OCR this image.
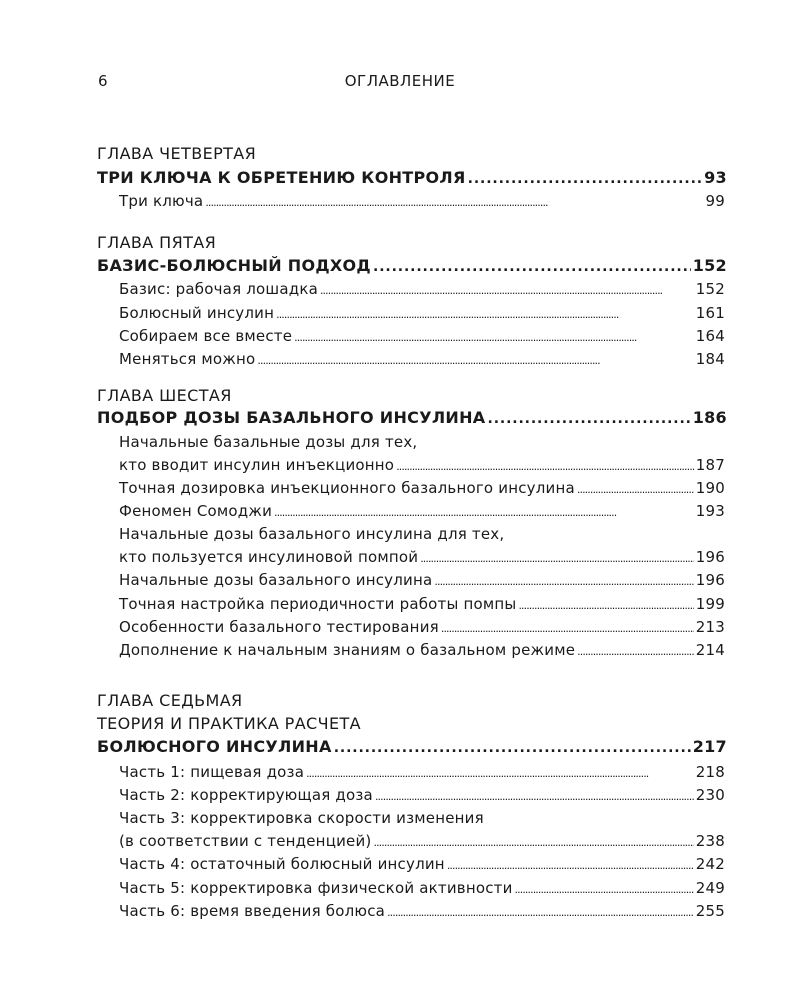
6	ОГЛАВЛЕНИЕ
ГЛАВА ЧЕТВЕРТАЯ
ТРИ КЛЮЧА К ОБРЕТЕНИЮ КОНТРОЛЯ . . .	93
Три ключа . . .	99
ГЛАВА ПЯТАЯ
БАЗИС-БОЛЮСНЫЙ ПОДХОД . . .	152
Базис: рабочая лошадка . . .	152
Болюсный инсулин . . .	161
Собираем все вместе . . .	164
Меняться можно . . .	184
ГЛАВА ШЕСТАЯ
ПОДБОР ДОЗЫ БАЗАЛЬНОГО ИНСУЛИНА . . .	186
Начальные базальные дозы для тех,
кто вводит инсулин инъекционно . . .	187
Точная дозировка инъекционного базального инсулина . . .	190
Феномен Сомоджи . . .	193
Начальные дозы базального инсулина для тех,
кто пользуется инсулиновой помпой . . .	196
Начальные дозы базального инсулина . . .	196
Точная настройка периодичности работы помпы . . .	199
Особенности базального тестирования . . .	213
Дополнение к начальным знаниям о базальном режиме . . .	214
ГЛАВА СЕДЬМАЯ
ТЕОРИЯ И ПРАКТИКА РАСЧЕТА
БОЛЮСНОГО ИНСУЛИНА . . .	217
Часть 1: пищевая доза . . .	218
Часть 2: корректирующая доза . . .	230
Часть 3: корректировка скорости изменения
(в соответствии с тенденцией) . . .	238
Часть 4: остаточный болюсный инсулин . . .	242
Часть 5: корректировка физической активности . . .	249
Часть 6: время введения болюса . . .	255
